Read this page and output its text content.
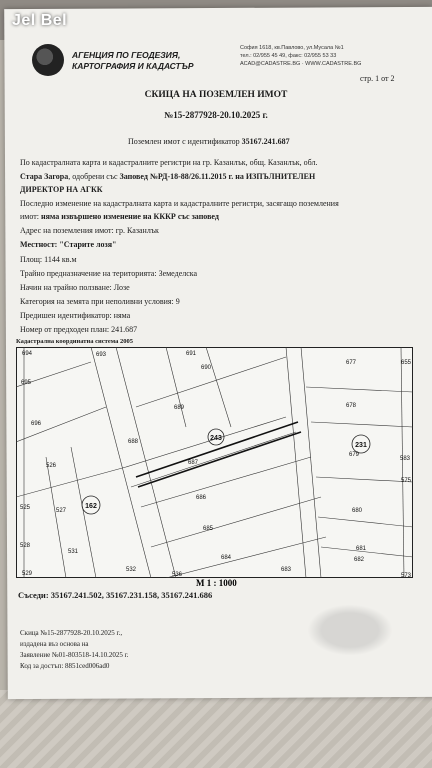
Jel Bel
АГЕНЦИЯ ПО ГЕОДЕЗИЯ,
КАРТОГРАФИЯ И КАДАСТЪР
София 1618, кв.Павлово, ул.Мусала №1
тел.: 02/955 45 49, факс: 02/955 53 33
ACAD@CADASTRE.BG · WWW.CADASTRE.BG
стр. 1 от 2
СКИЦА НА ПОЗЕМЛЕН ИМОТ
№15-2877928-20.10.2025 г.
Поземлен имот с идентификатор 35167.241.687
По кадастралната карта и кадастралните регистри на гр. Казанлък, общ. Казанлък, обл.
Стара Загора, одобрени със Заповед №РД-18-88/26.11.2015 г. на ИЗПЪЛНИТЕЛЕН
ДИРЕКТОР НА АГКК
Последно изменение на кадастралната карта и кадастралните регистри, засягащо поземления
имот: няма извършено изменение на КККР със заповед
Адрес на поземления имот: гр. Казанлък
Местност: "Старите лозя"
Площ: 1144 кв.м
Трайно предназначение на територията: Земеделска
Начин на трайно ползване: Лозе
Категория на земята при неполивни условия: 9
Предишен идентификатор: няма
Номер от предходен план: 241.687
Кадастрална координатна система 2005
694	693	691
690
695
696
689
688
687
526
686
525	527
685
531
684
528
532	683
529	536
682
677
678
679
680
681
655
583
575
573
243
162
231
М 1 : 1000
Съседи: 35167.241.502, 35167.231.158, 35167.241.686
Скица №15-2877928-20.10.2025 г.,
издадена въз основа на
Заявление №01-803518-14.10.2025 г.
Код за достъп: 8851ced006ad0
